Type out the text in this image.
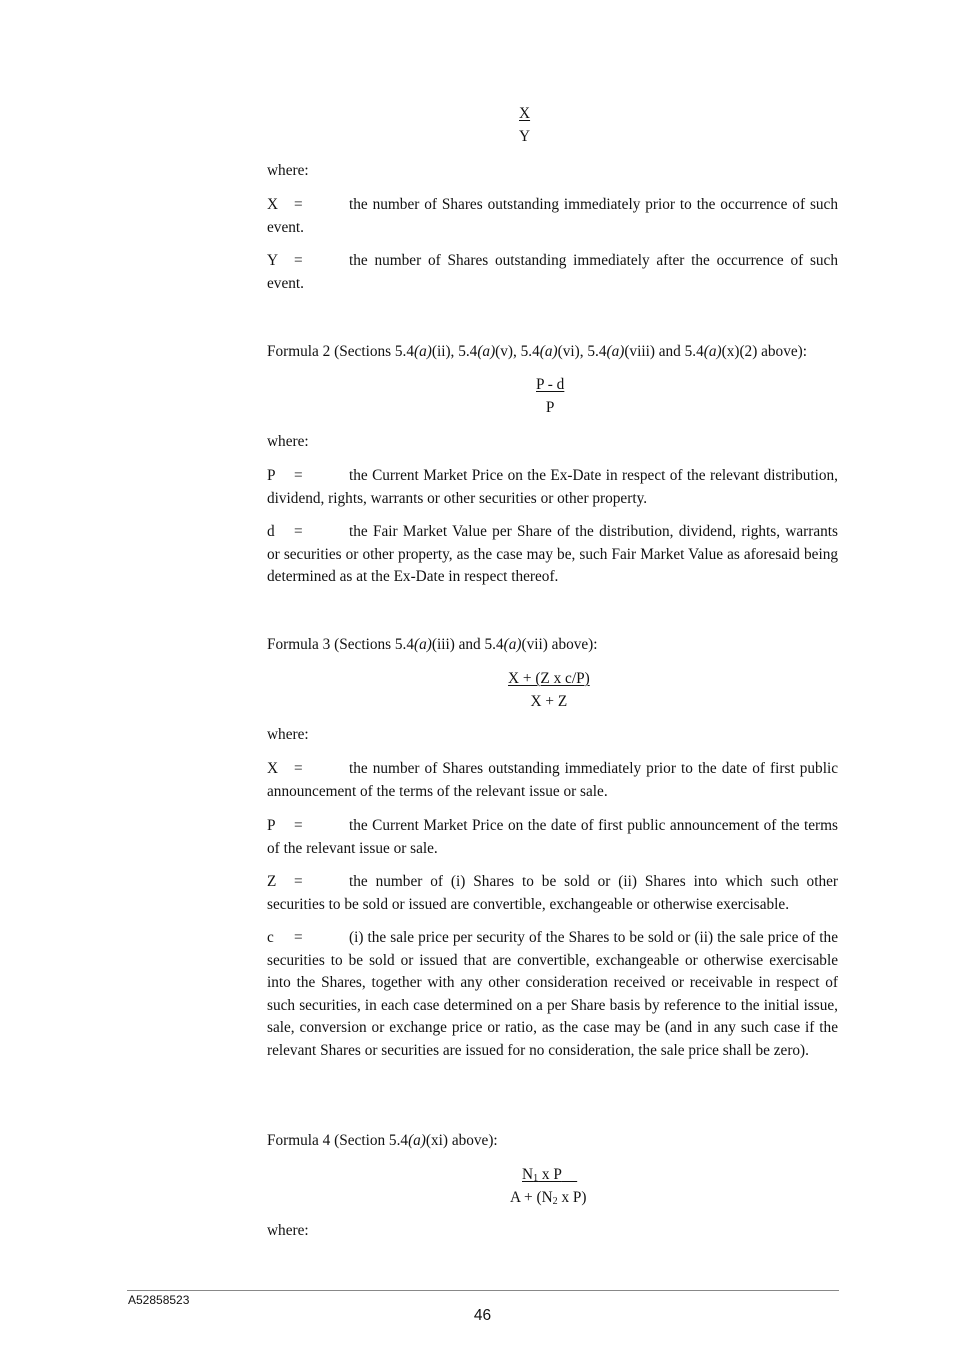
X
Y

where:

X =	the number of Shares outstanding immediately prior to the occurrence of such event.

Y =	the number of Shares outstanding immediately after the occurrence of such event.

Formula 2 (Sections 5.4(a)(ii), 5.4(a)(v), 5.4(a)(vi), 5.4(a)(viii) and 5.4(a)(x)(2) above):

P - d
P

where:

P =	the Current Market Price on the Ex-Date in respect of the relevant distribution, dividend, rights, warrants or other securities or other property.

d =	the Fair Market Value per Share of the distribution, dividend, rights, warrants or securities or other property, as the case may be, such Fair Market Value as aforesaid being determined as at the Ex-Date in respect thereof.

Formula 3 (Sections 5.4(a)(iii) and 5.4(a)(vii) above):

X + (Z x c/P)
X + Z

where:

X =	the number of Shares outstanding immediately prior to the date of first public announcement of the terms of the relevant issue or sale.

P =	the Current Market Price on the date of first public announcement of the terms of the relevant issue or sale.

Z =	the number of (i) Shares to be sold or (ii) Shares into which such other securities to be sold or issued are convertible, exchangeable or otherwise exercisable.

c =	(i) the sale price per security of the Shares to be sold or (ii) the sale price of the securities to be sold or issued that are convertible, exchangeable or otherwise exercisable into the Shares, together with any other consideration received or receivable in respect of such securities, in each case determined on a per Share basis by reference to the initial issue, sale, conversion or exchange price or ratio, as the case may be (and in any such case if the relevant Shares or securities are issued for no consideration, the sale price shall be zero).

Formula 4 (Section 5.4(a)(xi) above):

$N_1$ x P
$A + (N_2$ x P)

where:

A52858523
46
